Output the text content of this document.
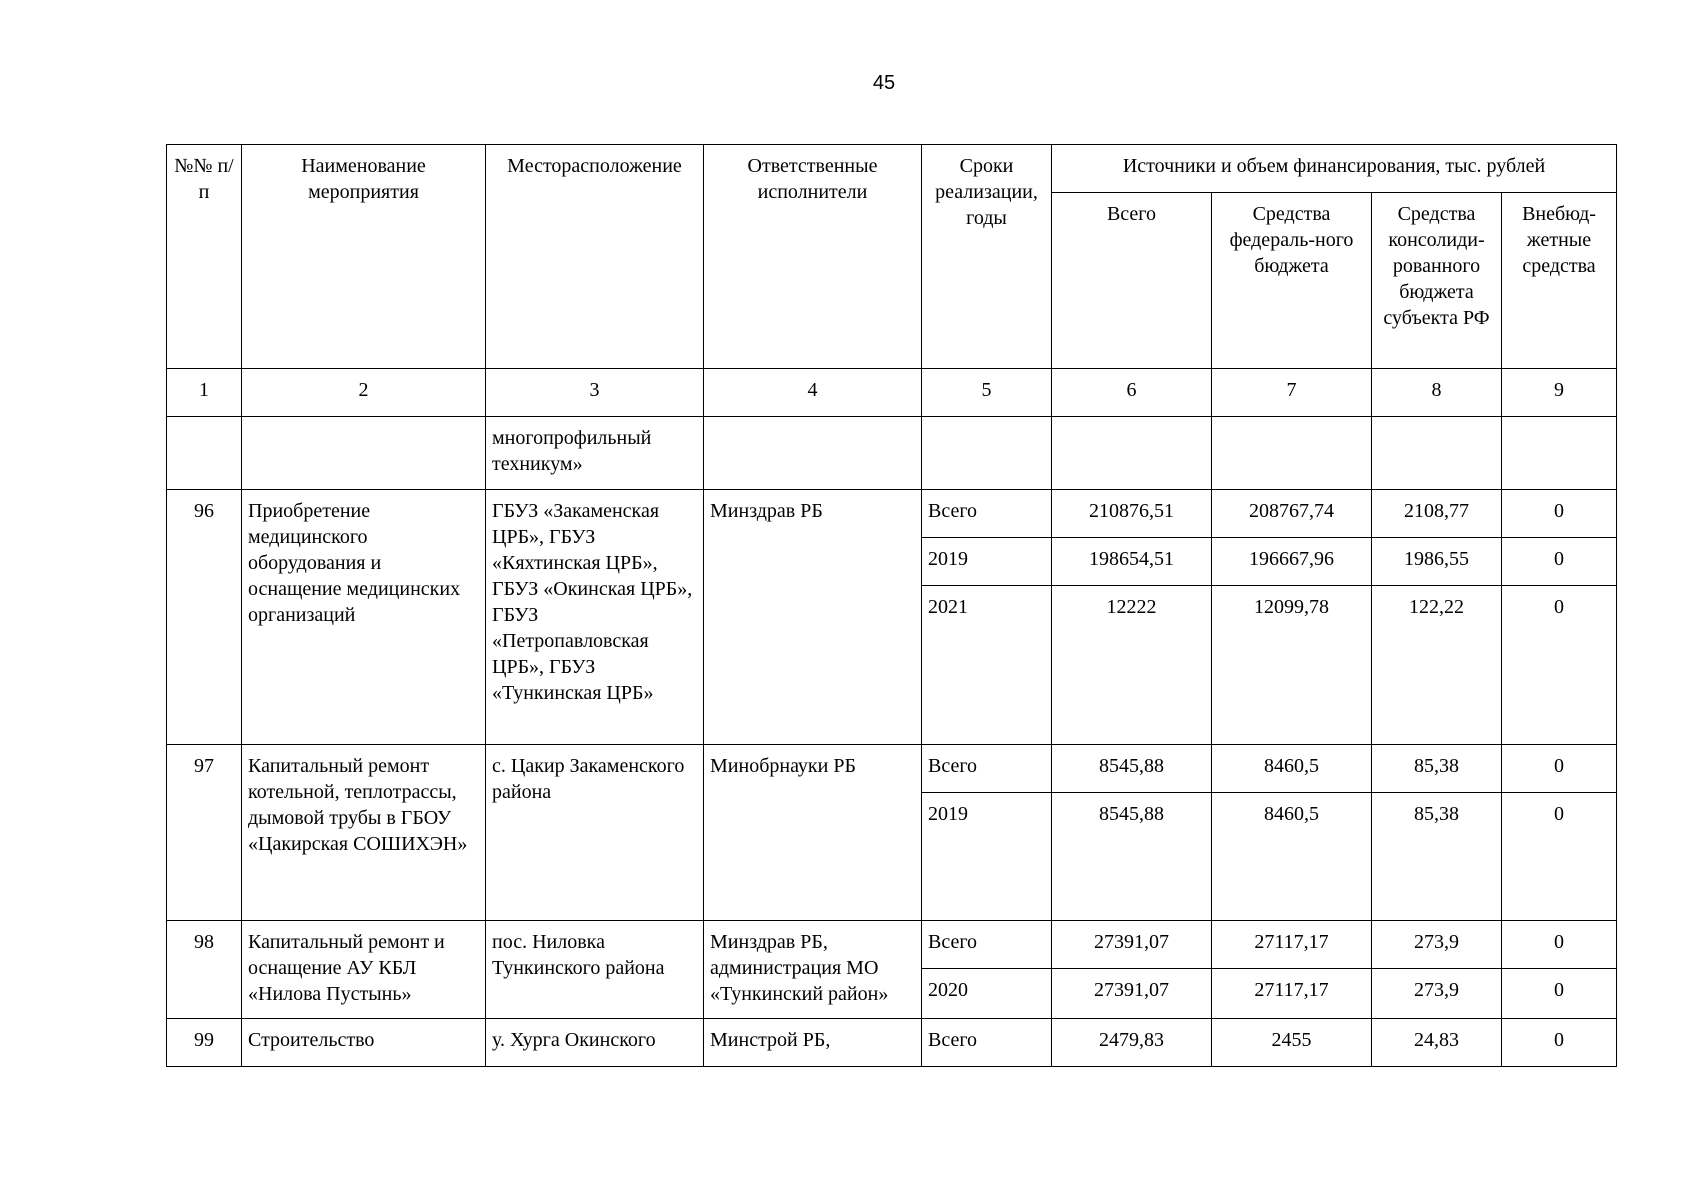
45
№№ п/п	Наименование мероприятия	Месторасположение	Ответственные исполнители	Сроки реализации, годы	Источники и объем финансирования, тыс. рублей			
					Всего	Средства федераль-ного бюджета	Средства консолиди-рованного бюджета субъекта РФ	Внебюд-жетные средства
1	2	3	4	5	6	7	8	9
		многопрофильный техникум»						
96	Приобретение медицинского оборудования и оснащение медицинских организаций	ГБУЗ «Закаменская ЦРБ», ГБУЗ «Кяхтинская ЦРБ», ГБУЗ «Окинская ЦРБ», ГБУЗ «Петропавловская ЦРБ», ГБУЗ «Тункинская ЦРБ»	Минздрав РБ	Всего	210876,51	208767,74	2108,77	0
				2019	198654,51	196667,96	1986,55	0
				2021	12222	12099,78	122,22	0
97	Капитальный ремонт котельной, теплотрассы, дымовой трубы в ГБОУ «Цакирская СОШИХЭН»	с. Цакир Закаменского района	Минобрнауки РБ	Всего	8545,88	8460,5	85,38	0
				2019	8545,88	8460,5	85,38	0
98	Капитальный ремонт и оснащение АУ КБЛ «Нилова Пустынь»	пос. Ниловка Тункинского района	Минздрав РБ, администрация МО «Тункинский район»	Всего	27391,07	27117,17	273,9	0
				2020	27391,07	27117,17	273,9	0
99	Строительство	у. Хурга Окинского	Минстрой РБ,	Всего	2479,83	2455	24,83	0
